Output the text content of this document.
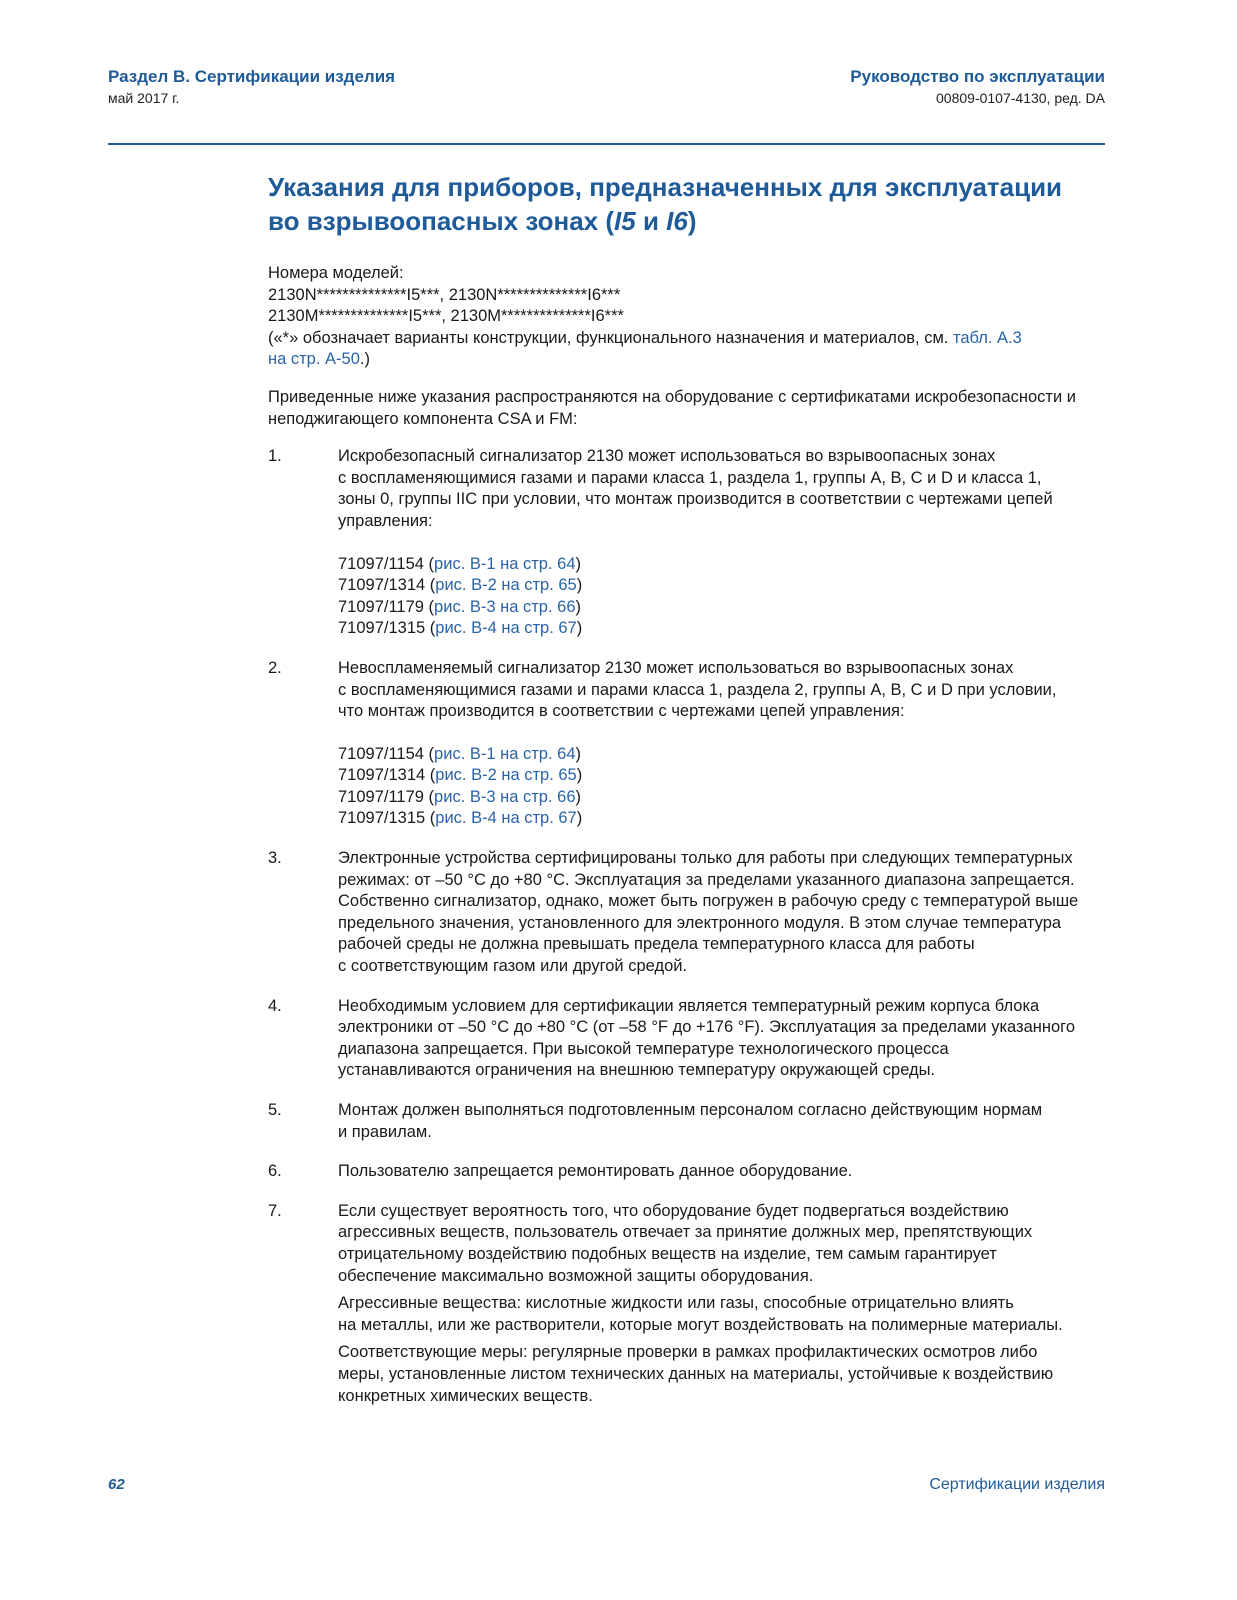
Раздел B. Сертификации изделия
май 2017 г.
Руководство по эксплуатации
00809-0107-4130, ред. DA
Указания для приборов, предназначенных для эксплуатации
во взрывоопасных зонах (I5 и I6)
Номера моделей:
2130N**************I5***, 2130N**************I6***
2130M**************I5***, 2130M**************I6***
(«*» обозначает варианты конструкции, функционального назначения и материалов, см. табл. A.3
на стр. A-50.)
Приведенные ниже указания распространяются на оборудование с сертификатами искробезопасности и неподжигающего компонента CSA и FM:
1.	Искробезопасный сигнализатор 2130 может использоваться во взрывоопасных зонах
с воспламеняющимися газами и парами класса 1, раздела 1, группы A, B, C и D и класса 1,
зоны 0, группы IIC при условии, что монтаж производится в соответствии с чертежами цепей
управления:
71097/1154 (рис. B-1 на стр. 64)
71097/1314 (рис. B-2 на стр. 65)
71097/1179 (рис. B-3 на стр. 66)
71097/1315 (рис. B-4 на стр. 67)
2.	Невоспламеняемый сигнализатор 2130 может использоваться во взрывоопасных зонах
с воспламеняющимися газами и парами класса 1, раздела 2, группы A, B, C и D при условии,
что монтаж производится в соответствии с чертежами цепей управления:
71097/1154 (рис. B-1 на стр. 64)
71097/1314 (рис. B-2 на стр. 65)
71097/1179 (рис. B-3 на стр. 66)
71097/1315 (рис. B-4 на стр. 67)
3.	Электронные устройства сертифицированы только для работы при следующих температурных
режимах: от –50 °C до +80 °C. Эксплуатация за пределами указанного диапазона запрещается.
Собственно сигнализатор, однако, может быть погружен в рабочую среду с температурой выше
предельного значения, установленного для электронного модуля. В этом случае температура
рабочей среды не должна превышать предела температурного класса для работы
с соответствующим газом или другой средой.
4.	Необходимым условием для сертификации является температурный режим корпуса блока
электроники от –50 °C до +80 °C (от –58 °F до +176 °F). Эксплуатация за пределами указанного
диапазона запрещается. При высокой температуре технологического процесса
устанавливаются ограничения на внешнюю температуру окружающей среды.
5.	Монтаж должен выполняться подготовленным персоналом согласно действующим нормам
и правилам.
6.	Пользователю запрещается ремонтировать данное оборудование.
7.	Если существует вероятность того, что оборудование будет подвергаться воздействию
агрессивных веществ, пользователь отвечает за принятие должных мер, препятствующих
отрицательному воздействию подобных веществ на изделие, тем самым гарантирует
обеспечение максимально возможной защиты оборудования.
Агрессивные вещества: кислотные жидкости или газы, способные отрицательно влиять
на металлы, или же растворители, которые могут воздействовать на полимерные материалы.
Соответствующие меры: регулярные проверки в рамках профилактических осмотров либо
меры, установленные листом технических данных на материалы, устойчивые к воздействию
конкретных химических веществ.
62	Сертификации изделия
